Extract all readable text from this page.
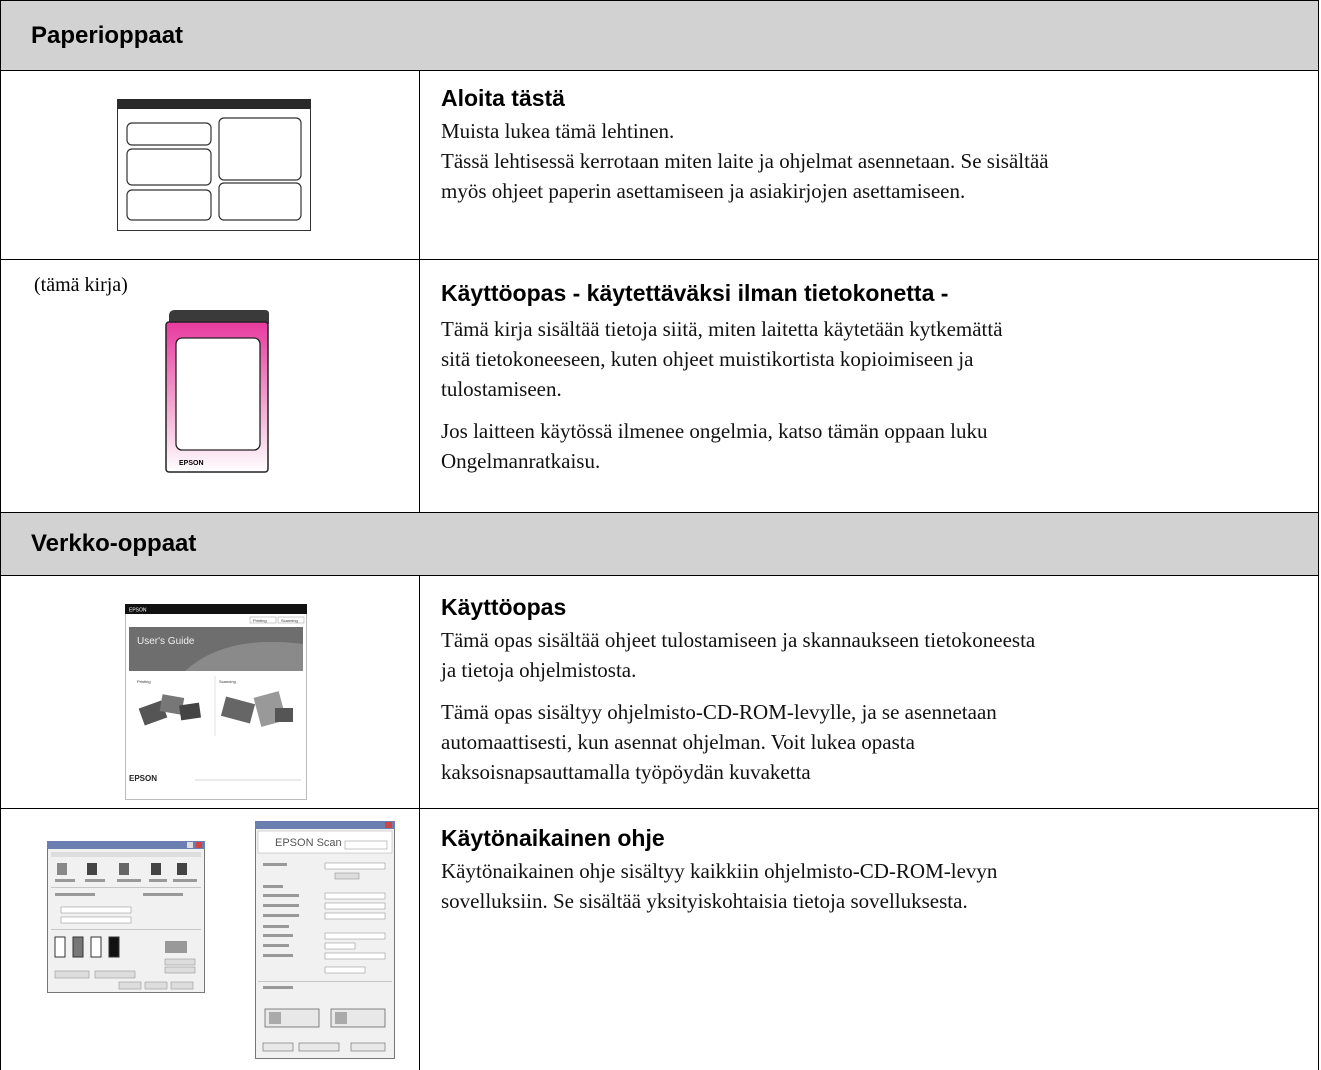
Paperioppaat

Aloita tästä

Muista lukea tämä lehtinen.

Tässä lehtisessä kerrotaan miten laite ja ohjelmat asennetaan. Se sisältää

myös ohjeet paperin asettamiseen ja asiakirjojen asettamiseen.

(tämä kirja)
EPSON

Käyttöopas - käytettäväksi ilman tietokonetta -

Tämä kirja sisältää tietoja siitä, miten laitetta käytetään kytkemättä

sitä tietokoneeseen, kuten ohjeet muistikortista kopioimiseen ja

tulostamiseen.

Jos laitteen käytössä ilmenee ongelmia, katso tämän oppaan luku

Ongelmanratkaisu.

Verkko-oppaat
EPSON
Printing	Scanning
User's Guide
Printing	Scanning
EPSON

Käyttöopas

Tämä opas sisältää ohjeet tulostamiseen ja skannaukseen tietokoneesta

ja tietoja ohjelmistosta.

Tämä opas sisältyy ohjelmisto-CD-ROM-levylle, ja se asennetaan

automaattisesti, kun asennat ohjelman. Voit lukea opasta

kaksoisnapsauttamalla työpöydän kuvaketta

EPSON Scan	Käytönaikainen ohje

Käytönaikainen ohje sisältyy kaikkiin ohjelmisto-CD-ROM-levyn

sovelluksiin. Se sisältää yksityiskohtaisia tietoja sovelluksesta.
